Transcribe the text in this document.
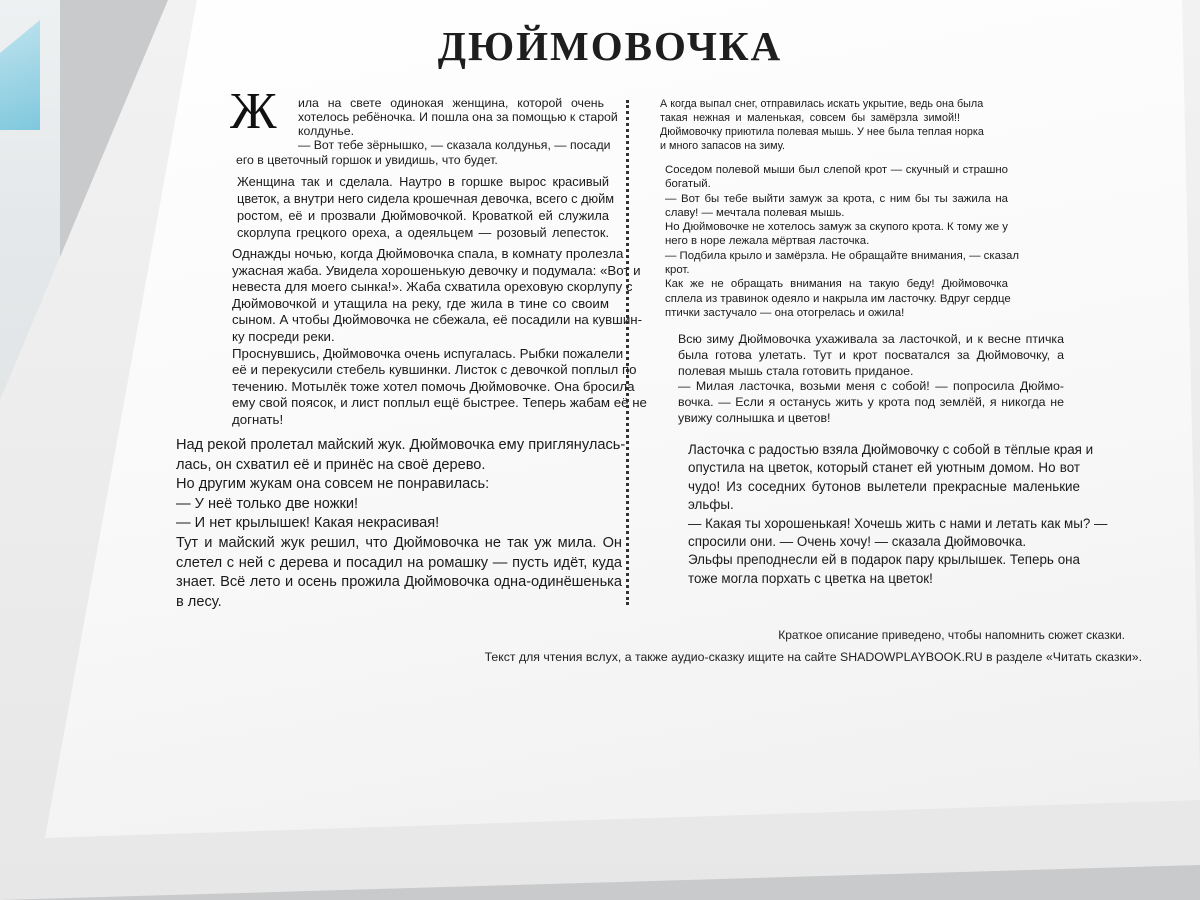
ДЮЙМОВОЧКА
Ж ила на свете одинокая женщина, которой очень
хотелось ребёночка. И пошла она за помощью к старой
колдунье.
— Вот тебе зёрнышко, — сказала колдунья, — посади
его в цветочный горшок и увидишь, что будет.
Женщина так и сделала. Наутро в горшке вырос красивый
цветок, а внутри него сидела крошечная девочка, всего с дюйм
ростом, её и прозвали Дюймовочкой. Кроваткой ей служила
скорлупа грецкого ореха, а одеяльцем — розовый лепесток.
Однажды ночью, когда Дюймовочка спала, в комнату пролезла
ужасная жаба. Увидела хорошенькую девочку и подумала: «Вот и
невеста для моего сынка!». Жаба схватила ореховую скорлупу с
Дюймовочкой и утащила на реку, где жила в тине со своим
сыном. А чтобы Дюймовочка не сбежала, её посадили на кувшин-
ку посреди реки.
Проснувшись, Дюймовочка очень испугалась. Рыбки пожалели
её и перекусили стебель кувшинки. Листок с девочкой поплыл по
течению. Мотылёк тоже хотел помочь Дюймовочке. Она бросила
ему свой поясок, и лист поплыл ещё быстрее. Теперь жабам её не
догнать!
Над рекой пролетал майский жук. Дюймовочка ему приглянулась-
лась, он схватил её и принёс на своё дерево.
Но другим жукам она совсем не понравилась:
— У неё только две ножки!
— И нет крылышек! Какая некрасивая!
Тут и майский жук решил, что Дюймовочка не так уж мила. Он
слетел с ней с дерева и посадил на ромашку — пусть идёт, куда
знает. Всё лето и осень прожила Дюймовочка одна-одинёшенька
в лесу.
А когда выпал снег, отправилась искать укрытие, ведь она была
такая нежная и маленькая, совсем бы замёрзла зимой!!
Дюймовочку приютила полевая мышь. У нее была теплая норка
и много запасов на зиму.
Соседом полевой мыши был слепой крот — скучный и страшно
богатый.
— Вот бы тебе выйти замуж за крота, с ним бы ты зажила на
славу! — мечтала полевая мышь.
Но Дюймовочке не хотелось замуж за скупого крота. К тому же у
него в норе лежала мёртвая ласточка.
— Подбила крыло и замёрзла. Не обращайте внимания, — сказал
крот.
Как же не обращать внимания на такую беду! Дюймовочка
сплела из травинок одеяло и накрыла им ласточку. Вдруг сердце
птички застучало — она отогрелась и ожила!
Всю зиму Дюймовочка ухаживала за ласточкой, и к весне птичка
была готова улетать. Тут и крот посватался за Дюймовочку, а
полевая мышь стала готовить приданое.
— Милая ласточка, возьми меня с собой! — попросила Дюймо-
вочка. — Если я останусь жить у крота под землёй, я никогда не
увижу солнышка и цветов!
Ласточка с радостью взяла Дюймовочку с собой в тёплые края и
опустила на цветок, который станет ей уютным домом. Но вот
чудо! Из соседних бутонов вылетели прекрасные маленькие
эльфы.
— Какая ты хорошенькая! Хочешь жить с нами и летать как мы? —
спросили они. — Очень хочу! — сказала Дюймовочка.
Эльфы преподнесли ей в подарок пару крылышек. Теперь она
тоже могла порхать с цветка на цветок!
Краткое описание приведено, чтобы напомнить сюжет сказки.
Текст для чтения вслух, а также аудио-сказку ищите на сайте SHADOWPLAYBOOK.RU в разделе «Читать сказки».
